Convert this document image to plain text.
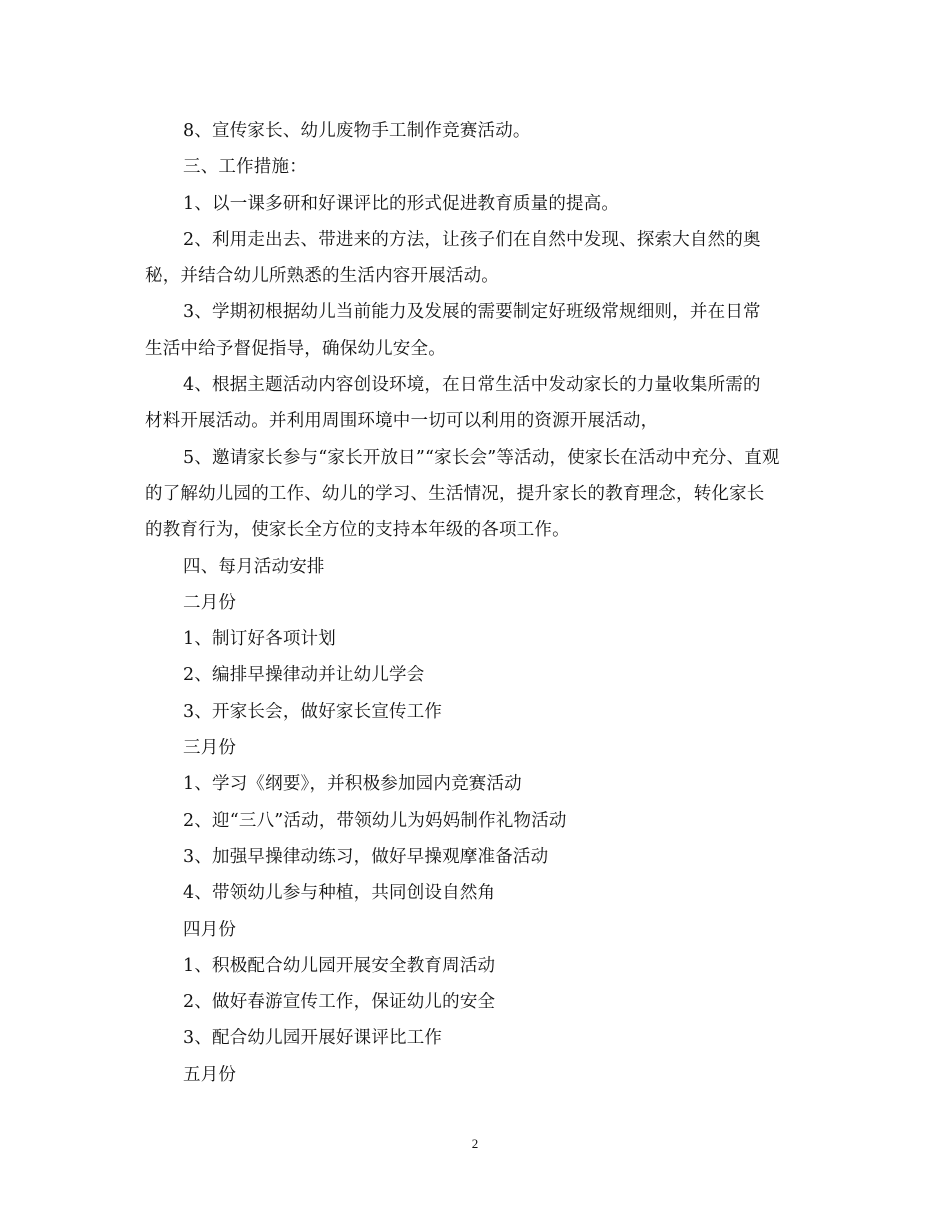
8、宣传家长、幼儿废物手工制作竞赛活动。
三、工作措施：
1、以一课多研和好课评比的形式促进教育质量的提高。
2、利用走出去、带进来的方法，让孩子们在自然中发现、探索大自然的奥
秘，并结合幼儿所熟悉的生活内容开展活动。
3、学期初根据幼儿当前能力及发展的需要制定好班级常规细则，并在日常
生活中给予督促指导，确保幼儿安全。
4、根据主题活动内容创设环境，在日常生活中发动家长的力量收集所需的
材料开展活动。并利用周围环境中一切可以利用的资源开展活动，
5、邀请家长参与“家长开放日”“家长会”等活动，使家长在活动中充分、直观
的了解幼儿园的工作、幼儿的学习、生活情况，提升家长的教育理念，转化家长
的教育行为，使家长全方位的支持本年级的各项工作。
四、每月活动安排
二月份
1、制订好各项计划
2、编排早操律动并让幼儿学会
3、开家长会，做好家长宣传工作
三月份
1、学习《纲要》，并积极参加园内竞赛活动
2、迎“三八”活动，带领幼儿为妈妈制作礼物活动
3、加强早操律动练习，做好早操观摩准备活动
4、带领幼儿参与种植，共同创设自然角
四月份
1、积极配合幼儿园开展安全教育周活动
2、做好春游宣传工作，保证幼儿的安全
3、配合幼儿园开展好课评比工作
五月份
2
